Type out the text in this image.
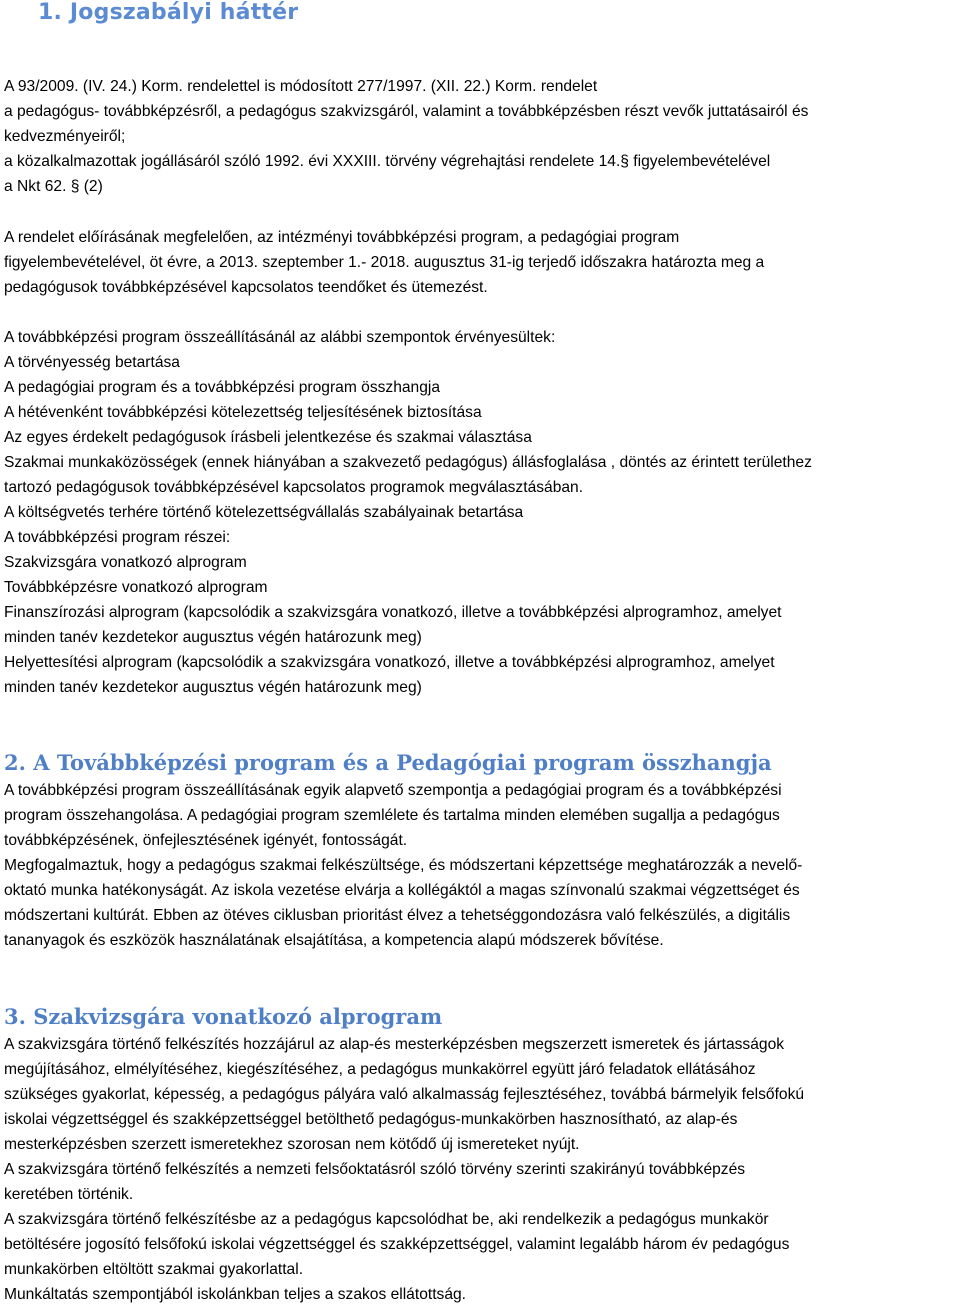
1. Jogszabályi háttér
A 93/2009. (IV. 24.) Korm. rendelettel is módosított 277/1997. (XII. 22.) Korm. rendelet
a pedagógus- továbbképzésről, a pedagógus szakvizsgáról, valamint a továbbképzésben részt vevők juttatásairól és
kedvezményeiről;
a közalkalmazottak jogállásáról szóló 1992. évi XXXIII. törvény végrehajtási rendelete 14.§ figyelembevételével
a Nkt 62. § (2)
A rendelet előírásának megfelelően, az intézményi továbbképzési program, a pedagógiai program
figyelembevételével, öt évre, a 2013. szeptember 1.- 2018. augusztus 31-ig terjedő időszakra határozta meg a
pedagógusok továbbképzésével kapcsolatos teendőket és ütemezést.
A továbbképzési program összeállításánál az alábbi szempontok érvényesültek:
A törvényesség betartása
A pedagógiai program és a továbbképzési program összhangja
A hétévenként továbbképzési kötelezettség teljesítésének biztosítása
Az egyes érdekelt pedagógusok írásbeli jelentkezése és szakmai választása
Szakmai munkaközösségek (ennek hiányában a szakvezető pedagógus) állásfoglalása , döntés az érintett területhez
tartozó pedagógusok továbbképzésével kapcsolatos programok megválasztásában.
A költségvetés terhére történő kötelezettségvállalás szabályainak betartása
A továbbképzési program részei:
Szakvizsgára vonatkozó alprogram
Továbbképzésre vonatkozó alprogram
Finanszírozási alprogram (kapcsolódik a szakvizsgára vonatkozó, illetve a továbbképzési alprogramhoz, amelyet
minden tanév kezdetekor augusztus végén határozunk meg)
Helyettesítési alprogram (kapcsolódik a szakvizsgára vonatkozó, illetve a továbbképzési alprogramhoz, amelyet
minden tanév kezdetekor augusztus végén határozunk meg)
2. A Továbbképzési program és a Pedagógiai program összhangja
A továbbképzési program összeállításának egyik alapvető szempontja a pedagógiai program és a továbbképzési
program összehangolása. A pedagógiai program szemlélete és tartalma minden elemében sugallja a pedagógus
továbbképzésének, önfejlesztésének igényét, fontosságát.
Megfogalmaztuk, hogy a pedagógus szakmai felkészültsége, és módszertani képzettsége meghatározzák a nevelő-
oktató munka hatékonyságát. Az iskola vezetése elvárja a kollégáktól a magas színvonalú szakmai végzettséget és
módszertani kultúrát. Ebben az ötéves ciklusban prioritást élvez a tehetséggondozásra való felkészülés, a digitális
tananyagok és eszközök használatának elsajátítása, a kompetencia alapú módszerek bővítése.
3. Szakvizsgára vonatkozó alprogram
A szakvizsgára történő felkészítés hozzájárul az alap-és mesterképzésben megszerzett ismeretek és jártasságok
megújításához, elmélyítéséhez, kiegészítéséhez, a pedagógus munkakörrel együtt járó feladatok ellátásához
szükséges gyakorlat, képesség, a pedagógus pályára való alkalmasság fejlesztéséhez, továbbá bármelyik felsőfokú
iskolai végzettséggel és szakképzettséggel betölthető pedagógus-munkakörben hasznosítható, az alap-és
mesterképzésben szerzett ismeretekhez szorosan nem kötődő új ismereteket nyújt.
A szakvizsgára történő felkészítés a nemzeti felsőoktatásról szóló törvény szerinti szakirányú továbbképzés
keretében történik.
A szakvizsgára történő felkészítésbe az a pedagógus kapcsolódhat be, aki rendelkezik a pedagógus munkakör
betöltésére jogosító felsőfokú iskolai végzettséggel és szakképzettséggel, valamint legalább három év pedagógus
munkakörben eltöltött szakmai gyakorlattal.
Munkáltatás szempontjából iskolánkban teljes a szakos ellátottság.
